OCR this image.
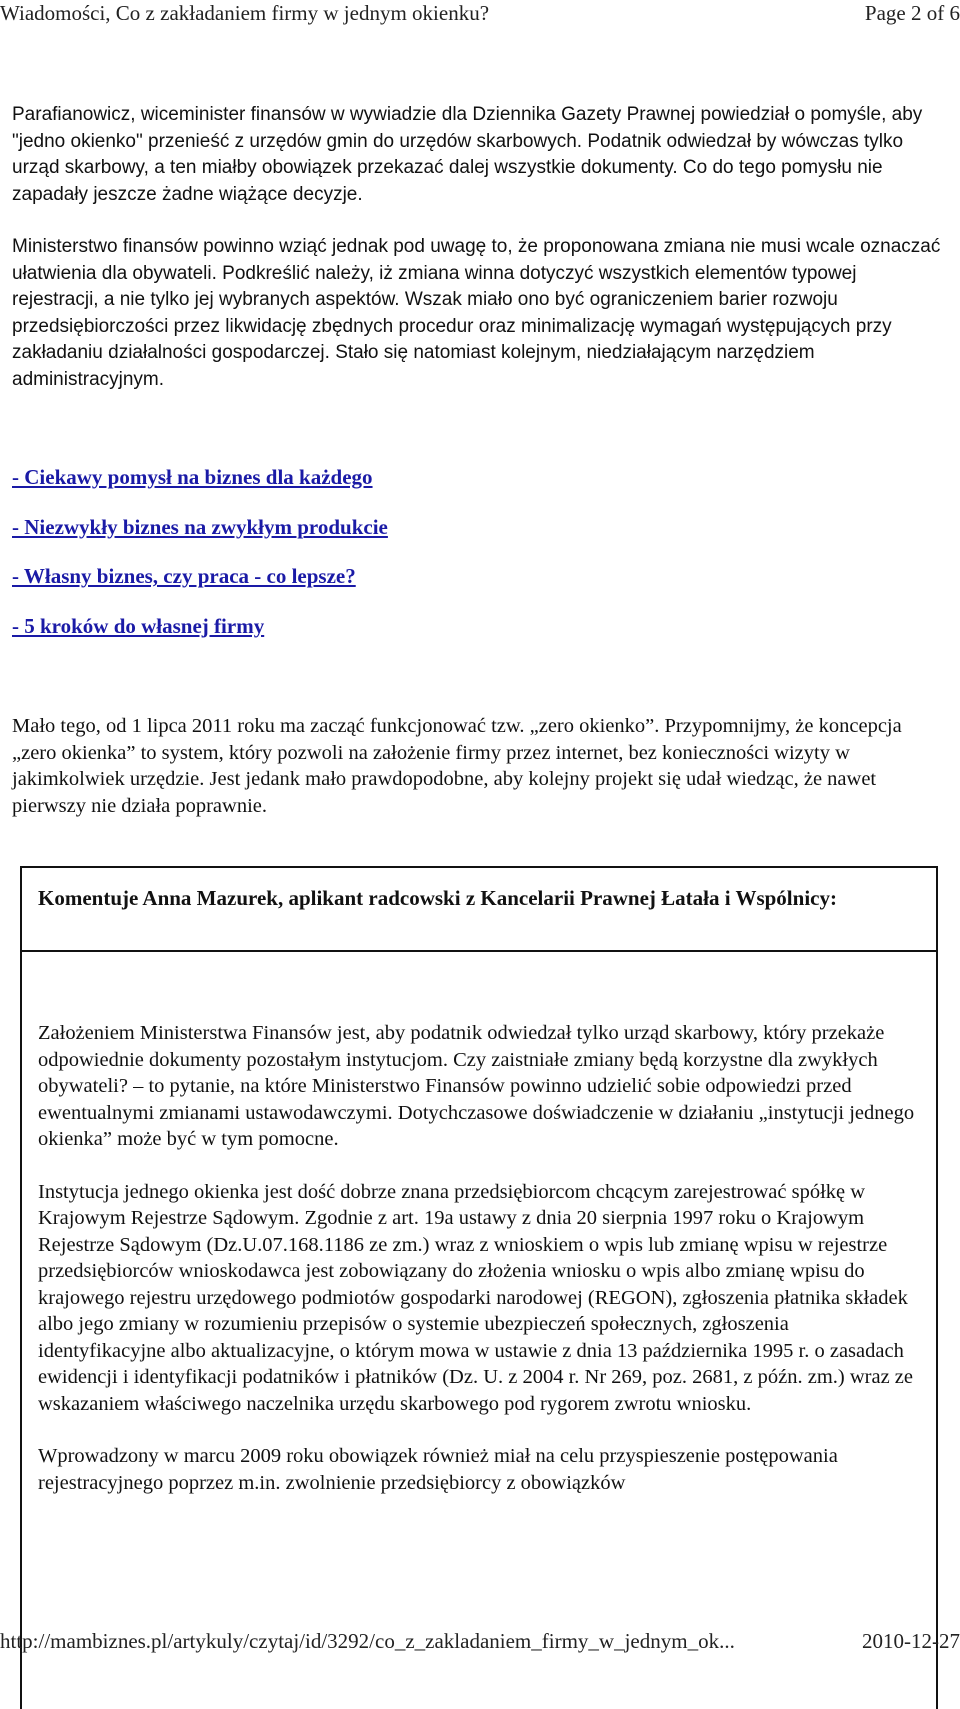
Wiadomości, Co z zakładaniem firmy w jednym okienku?	Page 2 of 6

Parafianowicz, wiceminister finansów w wywiadzie dla Dziennika Gazety Prawnej powiedział o pomyśle, aby "jedno okienko" przenieść z urzędów gmin do urzędów skarbowych. Podatnik odwiedzał by wówczas tylko urząd skarbowy, a ten miałby obowiązek przekazać dalej wszystkie dokumenty. Co do tego pomysłu nie zapadały jeszcze żadne wiążące decyzje.

Ministerstwo finansów powinno wziąć jednak pod uwagę to, że proponowana zmiana nie musi wcale oznaczać ułatwienia dla obywateli. Podkreślić należy, iż zmiana winna dotyczyć wszystkich elementów typowej rejestracji, a nie tylko jej wybranych aspektów. Wszak miało ono być ograniczeniem barier rozwoju przedsiębiorczości przez likwidację zbędnych procedur oraz minimalizację wymagań występujących przy zakładaniu działalności gospodarczej. Stało się natomiast kolejnym, niedziałającym narzędziem administracyjnym.

- Ciekawy pomysł na biznes dla każdego
- Niezwykły biznes na zwykłym produkcie
- Własny biznes, czy praca - co lepsze?
- 5 kroków do własnej firmy

Mało tego, od 1 lipca 2011 roku ma zacząć funkcjonować tzw. „zero okienko”. Przypomnijmy, że koncepcja „zero okienka” to system, który pozwoli na założenie firmy przez internet, bez konieczności wizyty w jakimkolwiek urzędzie. Jest jedank mało prawdopodobne, aby kolejny projekt się udał wiedząc, że nawet pierwszy nie działa poprawnie.

Komentuje Anna Mazurek, aplikant radcowski z Kancelarii Prawnej Łatała i Wspólnicy:

Założeniem Ministerstwa Finansów jest, aby podatnik odwiedzał tylko urząd skarbowy, który przekaże odpowiednie dokumenty pozostałym instytucjom. Czy zaistniałe zmiany będą korzystne dla zwykłych obywateli? – to pytanie, na które Ministerstwo Finansów powinno udzielić sobie odpowiedzi przed ewentualnymi zmianami ustawodawczymi. Dotychczasowe doświadczenie w działaniu „instytucji jednego okienka” może być w tym pomocne.

Instytucja jednego okienka jest dość dobrze znana przedsiębiorcom chcącym zarejestrować spółkę w Krajowym Rejestrze Sądowym. Zgodnie z art. 19a ustawy z dnia 20 sierpnia 1997 roku o Krajowym Rejestrze Sądowym (Dz.U.07.168.1186 ze zm.) wraz z wnioskiem o wpis lub zmianę wpisu w rejestrze przedsiębiorców wnioskodawca jest zobowiązany do złożenia wniosku o wpis albo zmianę wpisu do krajowego rejestru urzędowego podmiotów gospodarki narodowej (REGON), zgłoszenia płatnika składek albo jego zmiany w rozumieniu przepisów o systemie ubezpieczeń społecznych, zgłoszenia identyfikacyjne albo aktualizacyjne, o którym mowa w ustawie z dnia 13 października 1995 r. o zasadach ewidencji i identyfikacji podatników i płatników (Dz. U. z 2004 r. Nr 269, poz. 2681, z późn. zm.) wraz ze wskazaniem właściwego naczelnika urzędu skarbowego pod rygorem zwrotu wniosku.

Wprowadzony w marcu 2009 roku obowiązek również miał na celu przyspieszenie postępowania rejestracyjnego poprzez m.in. zwolnienie przedsiębiorcy z obowiązków

http://mambiznes.pl/artykuly/czytaj/id/3292/co_z_zakladaniem_firmy_w_jednym_ok...	2010-12-27
